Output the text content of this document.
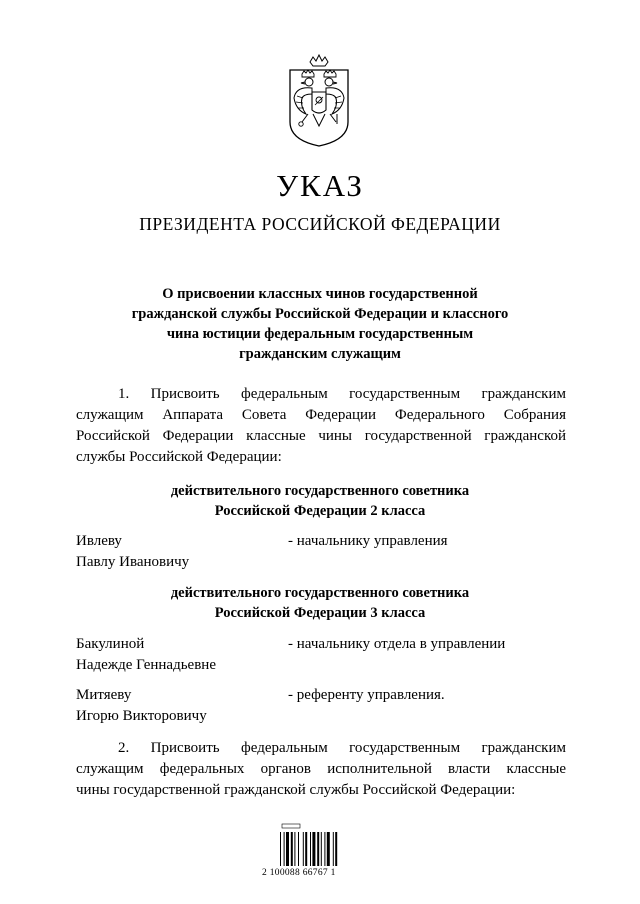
УКАЗ
ПРЕЗИДЕНТА РОССИЙСКОЙ ФЕДЕРАЦИИ
О присвоении классных чинов государственной
гражданской службы Российской Федерации и классного
чина юстиции федеральным государственным
гражданским служащим
1. Присвоить федеральным государственным гражданским
служащим Аппарата Совета Федерации Федерального Собрания
Российской Федерации классные чины государственной гражданской
службы Российской Федерации:
действительного государственного советника
Российской Федерации 2 класса
Ивлеву
Павлу Ивановичу
- начальнику управления
действительного государственного советника
Российской Федерации 3 класса
Бакулиной
Надежде Геннадьевне
- начальнику отдела в управлении
Митяеву
Игорю Викторовичу
- референту управления.
2. Присвоить федеральным государственным гражданским
служащим федеральных органов исполнительной власти классные
чины государственной гражданской службы Российской Федерации:
2 100088 66767 1
